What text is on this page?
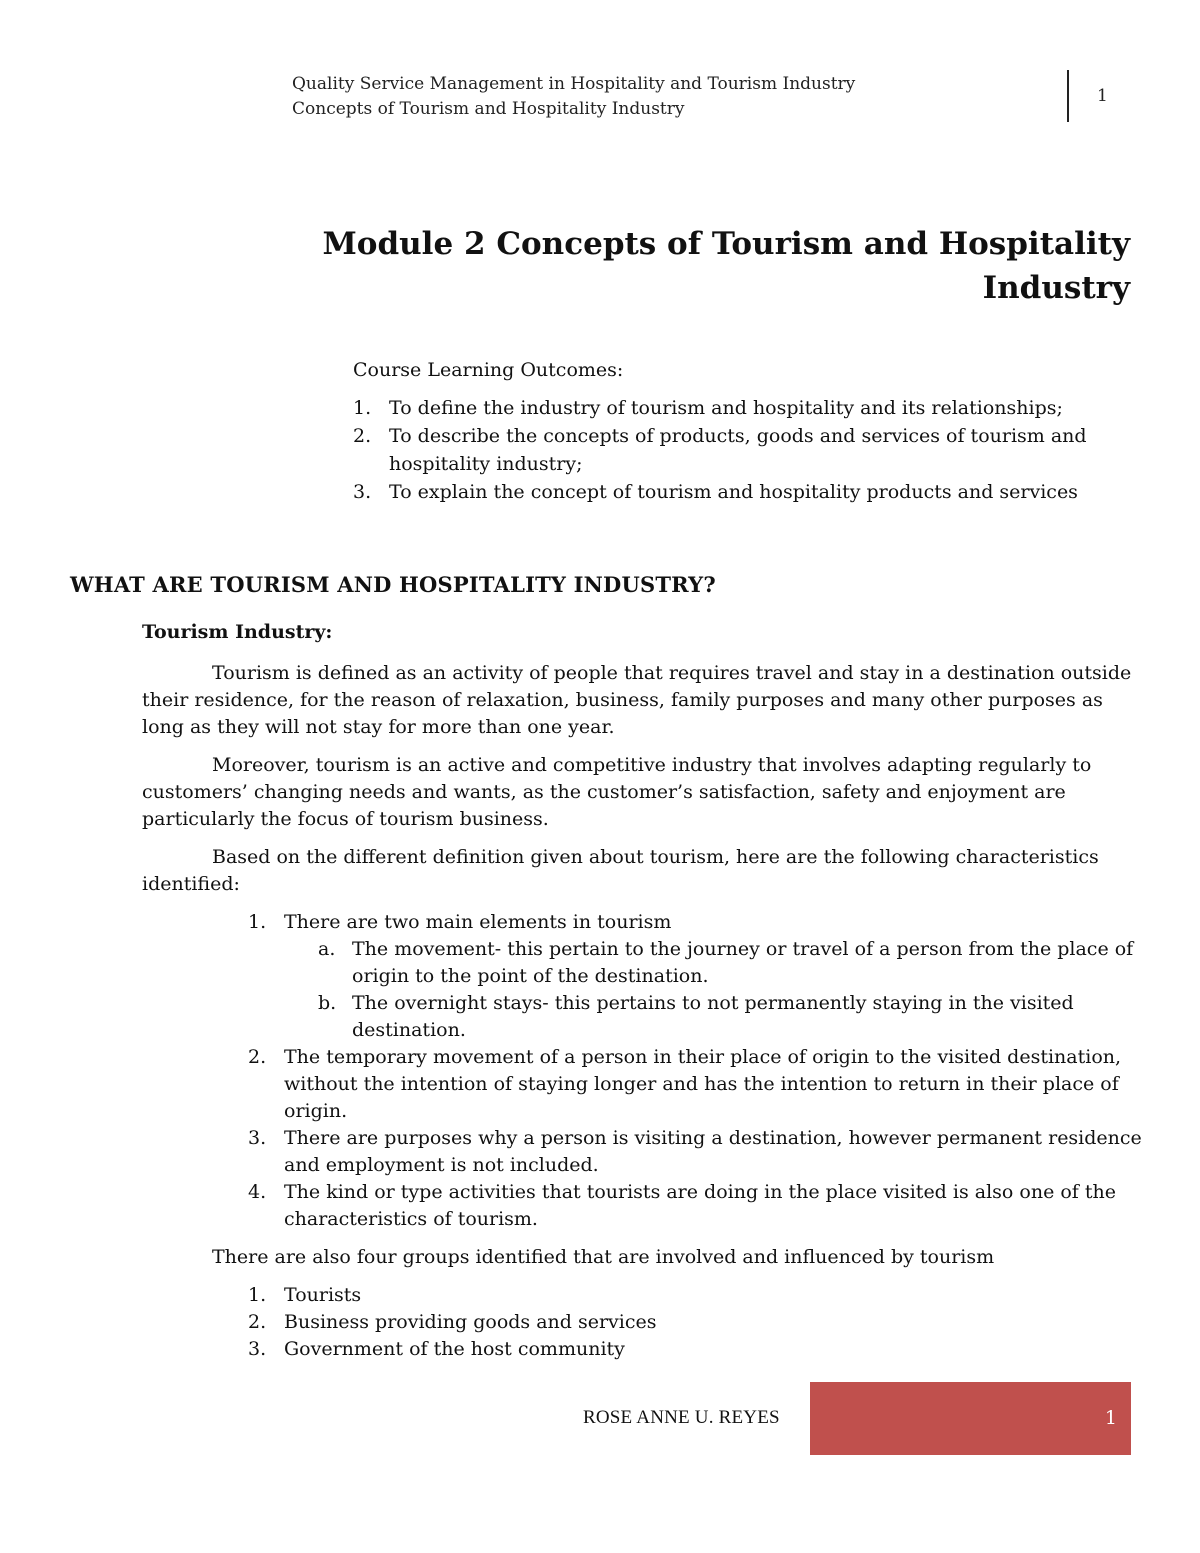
Quality Service Management in Hospitality and Tourism Industry
Concepts of Tourism and Hospitality Industry
1
Module 2 Concepts of Tourism and Hospitality
Industry
Course Learning Outcomes:
1. To define the industry of tourism and hospitality and its relationships;
2. To describe the concepts of products, goods and services of tourism and hospitality industry;
3. To explain the concept of tourism and hospitality products and services
WHAT ARE TOURISM AND HOSPITALITY INDUSTRY?
Tourism Industry:

Tourism is defined as an activity of people that requires travel and stay in a destination outside their residence, for the reason of relaxation, business, family purposes and many other purposes as long as they will not stay for more than one year.

Moreover, tourism is an active and competitive industry that involves adapting regularly to customers’ changing needs and wants, as the customer’s satisfaction, safety and enjoyment are particularly the focus of tourism business.

Based on the different definition given about tourism, here are the following characteristics identified:

1. There are two main elements in tourism
a. The movement- this pertain to the journey or travel of a person from the place of origin to the point of the destination.
b. The overnight stays- this pertains to not permanently staying in the visited destination.
2. The temporary movement of a person in their place of origin to the visited destination, without the intention of staying longer and has the intention to return in their place of origin.
3. There are purposes why a person is visiting a destination, however permanent residence and employment is not included.
4. The kind or type activities that tourists are doing in the place visited is also one of the characteristics of tourism.

There are also four groups identified that are involved and influenced by tourism

1. Tourists
2. Business providing goods and services
3. Government of the host community
ROSE ANNE U. REYES	1
